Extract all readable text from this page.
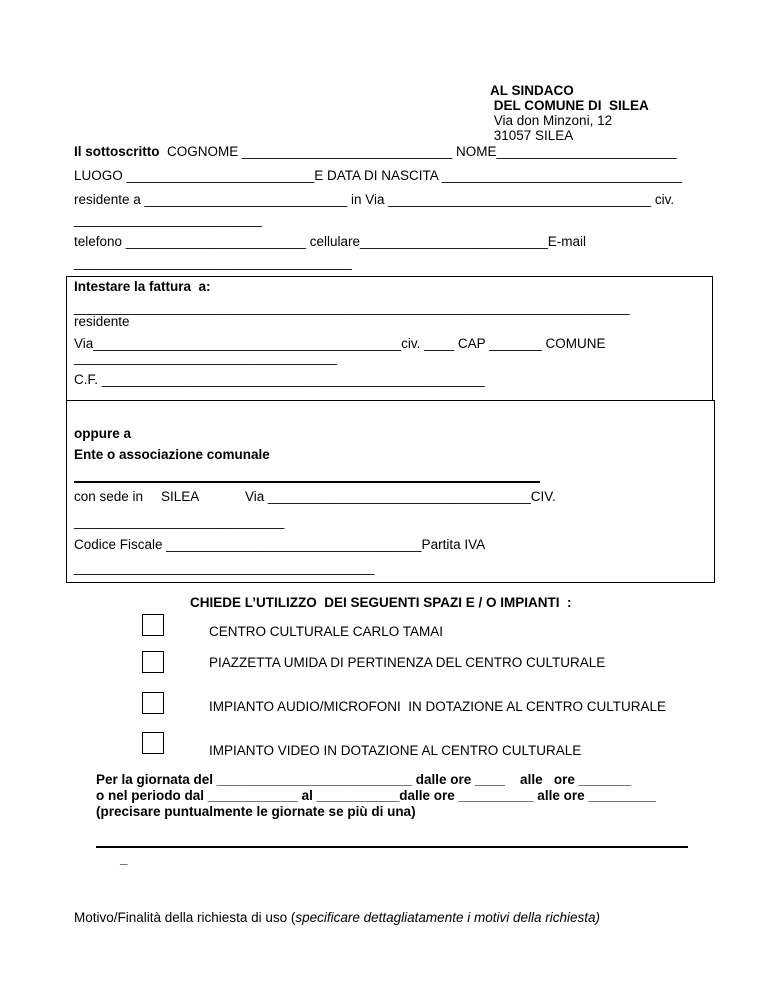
AL SINDACO
DEL COMUNE DI  SILEA
Via don Minzoni, 12
31057 SILEA
Il sottoscritto  COGNOME ____________________________ NOME________________________
LUOGO _________________________E DATA DI NASCITA ________________________________
residente a ___________________________ in Via ___________________________________ civ.
_________________________
telefono ________________________ cellulare_________________________E-mail
_____________________________________
Intestare la fattura  a:
__________________________________________________________________________
residente
Via_________________________________________civ. ____ CAP _______ COMUNE
___________________________________
C.F. ___________________________________________________
oppure a
Ente o associazione comunale
con sede in SILEA	Via ___________________________________CIV.
____________________________
Codice Fiscale __________________________________Partita IVA
________________________________________
CHIEDE L’UTILIZZO  DEI SEGUENTI SPAZI E / O IMPIANTI  :
CENTRO CULTURALE CARLO TAMAI
PIAZZETTA UMIDA DI PERTINENZA DEL CENTRO CULTURALE
IMPIANTO AUDIO/MICROFONI  IN DOTAZIONE AL CENTRO CULTURALE
IMPIANTO VIDEO IN DOTAZIONE AL CENTRO CULTURALE
Per la giornata del __________________________ dalle ore ____    alle   ore _______
o nel periodo dal ____________ al ___________dalle ore __________ alle ore _________
(precisare puntualmente le giornate se più di una)
_
Motivo/Finalità della richiesta di uso (specificare dettagliatamente i motivi della richiesta)
